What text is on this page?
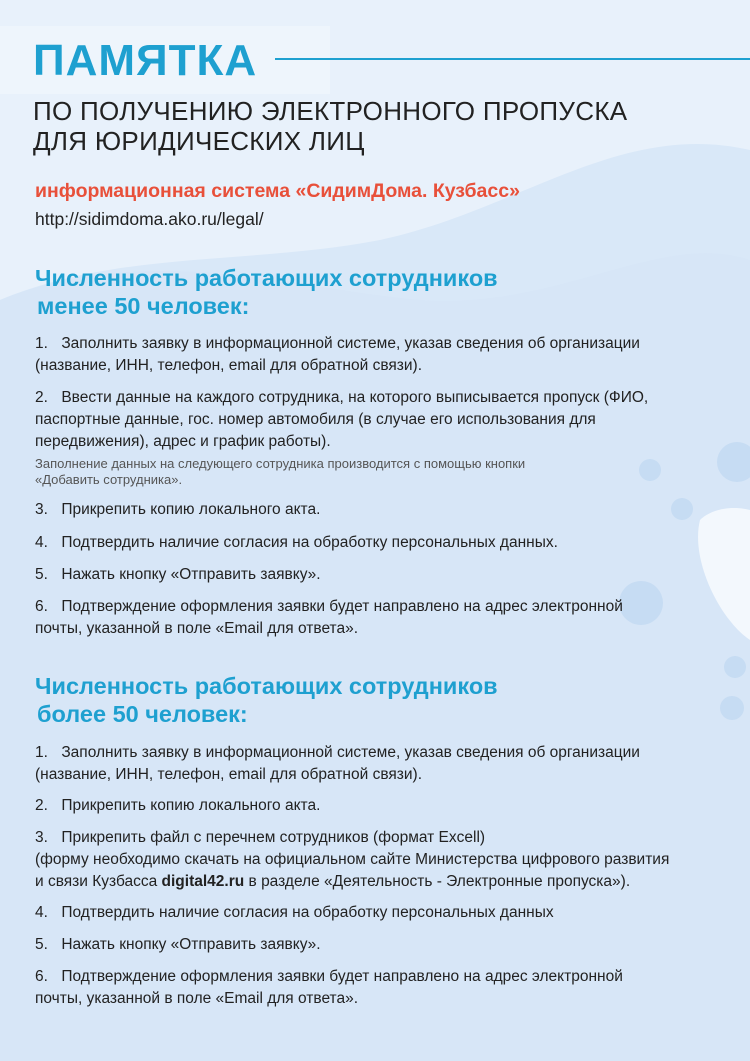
ПАМЯТКА
ПО ПОЛУЧЕНИЮ ЭЛЕКТРОННОГО ПРОПУСКА
ДЛЯ ЮРИДИЧЕСКИХ ЛИЦ
информационная система «СидимДома. Кузбасс»
http://sidimdoma.ako.ru/legal/
Численность работающих сотрудников
менее 50 человек:
1. Заполнить заявку в информационной системе, указав сведения об организации
(название, ИНН, телефон, email для обратной связи).
2. Ввести данные на каждого сотрудника, на которого выписывается пропуск (ФИО,
паспортные данные, гос. номер автомобиля (в случае его использования для
передвижения), адрес и график работы).
Заполнение данных на следующего сотрудника производится с помощью кнопки
«Добавить сотрудника».
3. Прикрепить копию локального акта.
4. Подтвердить наличие согласия на обработку персональных данных.
5. Нажать кнопку «Отправить заявку».
6. Подтверждение оформления заявки будет направлено на адрес электронной
почты, указанной в поле «Email для ответа».
Численность работающих сотрудников
более 50 человек:
1. Заполнить заявку в информационной системе, указав сведения об организации
(название, ИНН, телефон, email для обратной связи).
2. Прикрепить копию локального акта.
3. Прикрепить файл с перечнем сотрудников (формат Excell)
(форму необходимо скачать на официальном сайте Министерства цифрового развития
и связи Кузбасса digital42.ru в разделе «Деятельность - Электронные пропуска»).
4. Подтвердить наличие согласия на обработку персональных данных
5. Нажать кнопку «Отправить заявку».
6. Подтверждение оформления заявки будет направлено на адрес электронной
почты, указанной в поле «Email для ответа».
